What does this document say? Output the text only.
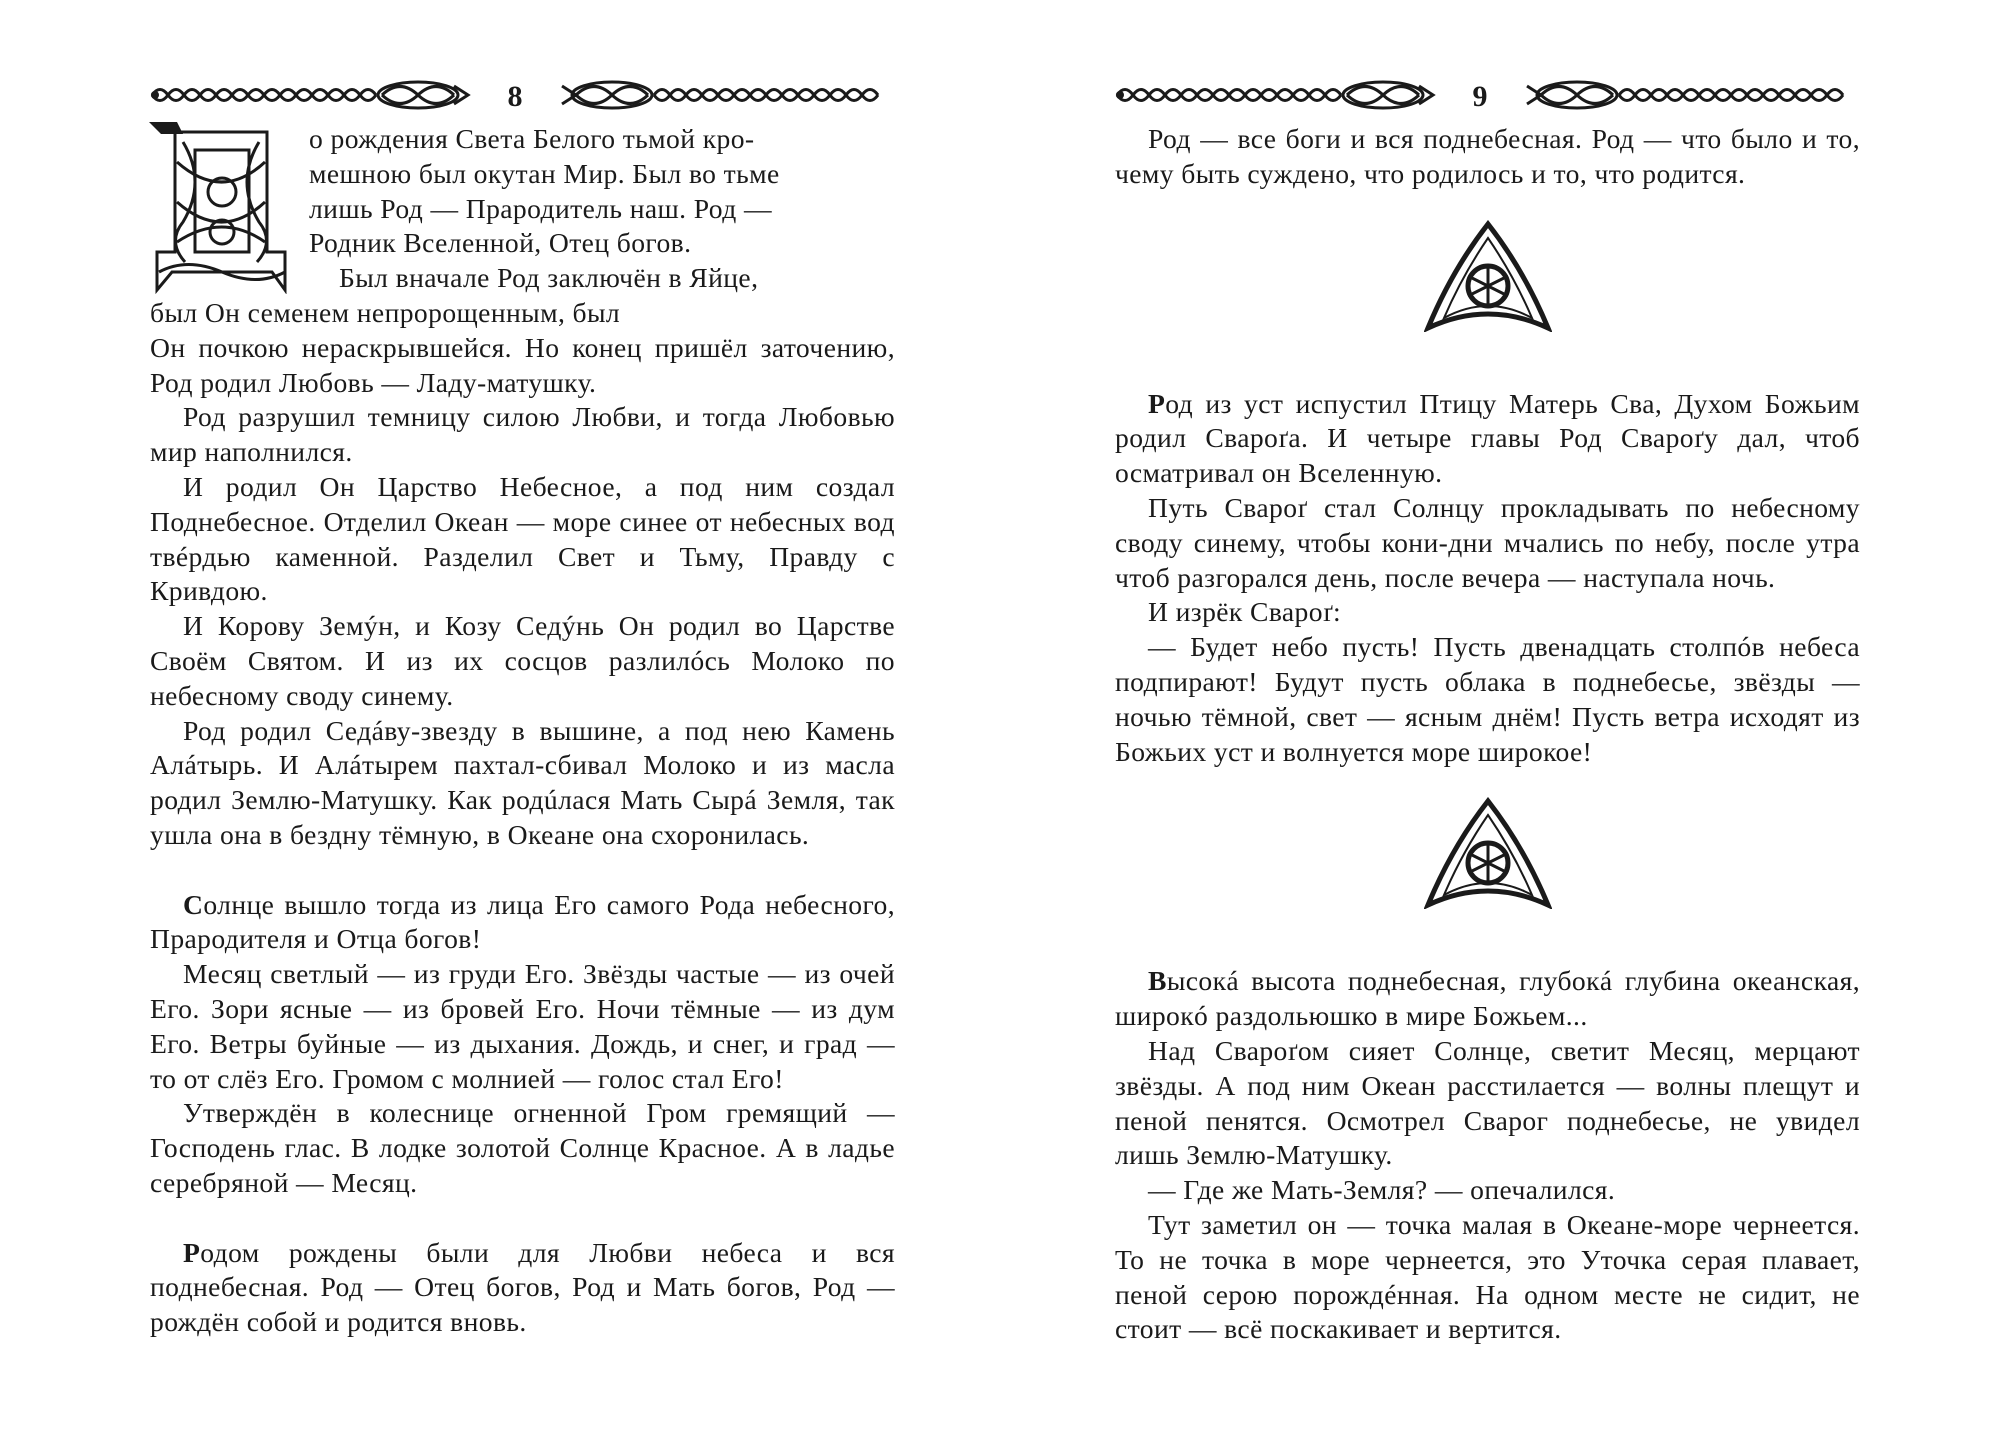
8

о рождения Света Белого тьмой кро-

мешною был окутан Мир. Был во тьме

лишь Род — Прародитель наш. Род —

Родник Вселенной, Отец богов.

Был вначале Род заключён в Яйце,

был Он семенем непророщенным, был

Он почкою нераскрывшейся. Но конец пришёл заточению, Род родил Любовь — Ладу-матушку.

Род разрушил темницу силою Любви, и тогда Любовью мир наполнился.

И родил Он Царство Небесное, а под ним создал Поднебесное. Отделил Океан — море синее от небесных вод твéрдью каменной. Разделил Свет и Тьму, Правду с Кривдою.

И Корову Земýн, и Козу Седýнь Он родил во Царстве Своём Святом. И из их сосцов разлилóсь Молоко по небесному своду синему.

Род родил Седáву-звезду в вышине, а под нею Камень Алáтырь. И Алáтырем пахтал-сбивал Молоко и из масла родил Землю-Матушку. Как родúлася Мать Сырá Земля, так ушла она в бездну тёмную, в Океане она схоронилась.

Солнце вышло тогда из лица Его самого Рода небесного, Прародителя и Отца богов!

Месяц светлый — из груди Его. Звёзды частые — из очей Его. Зори ясные — из бровей Его. Ночи тёмные — из дум Его. Ветры буйные — из дыхания. Дождь, и снег, и град — то от слёз Его. Громом с молнией — голос стал Его!

Утверждён в колеснице огненной Гром гремящий — Господень глас. В лодке золотой Солнце Красное. А в ладье серебряной — Месяц.

Родом рождены были для Любви небеса и вся поднебесная. Род — Отец богов, Род и Мать богов, Род — рождён собой и родится вновь.

9

Род — все боги и вся поднебесная. Род — что было и то, чему быть суждено, что родилось и то, что родится.

Род из уст испустил Птицу Матерь Сва, Духом Божьим родил Свароґа. И четыре главы Род Свароґу дал, чтоб осматривал он Вселенную.

Путь Свароґ стал Солнцу прокладывать по небесному своду синему, чтобы кони-дни мчались по небу, после утра чтоб разгорался день, после вечера — наступала ночь.

И изрёк Свароґ:

— Будет небо пусть! Пусть двенадцать столпóв небеса подпирают! Будут пусть облака в поднебесье, звёзды — ночью тёмной, свет — ясным днём! Пусть ветра исходят из Божьих уст и волнуется море широкое!

Высокá высота поднебесная, глубокá глубина океанская, широкó раздольюшко в мире Божьем...

Над Свароґом сияет Солнце, светит Месяц, мерцают звёзды. А под ним Океан расстилается — волны плещут и пеной пенятся. Осмотрел Сварог поднебесье, не увидел лишь Землю-Матушку.

— Где же Мать-Земля? — опечалился.

Тут заметил он — точка малая в Океане-море чернеется. То не точка в море чернеется, это Уточка серая плавает, пеной серою порождéнная. На одном месте не сидит, не стоит — всё поскакивает и вертится.
